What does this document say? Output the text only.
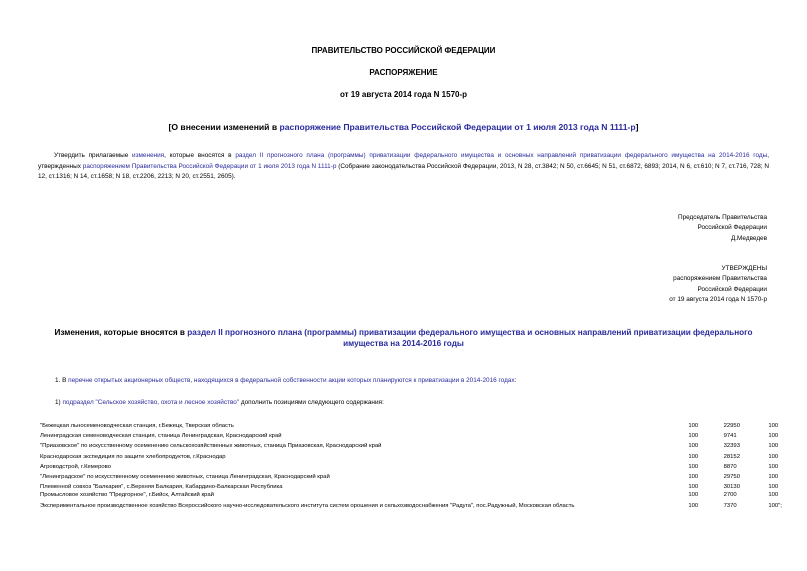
ПРАВИТЕЛЬСТВО РОССИЙСКОЙ ФЕДЕРАЦИИ
РАСПОРЯЖЕНИЕ
от 19 августа 2014 года N 1570-р
[О внесении изменений в распоряжение Правительства Российской Федерации от 1 июля 2013 года N 1111-р]
Утвердить прилагаемые изменения, которые вносятся в раздел II прогнозного плана (программы) приватизации федерального имущества и основных направлений приватизации федерального имущества на 2014-2016 годы, утвержденных распоряжением Правительства Российской Федерации от 1 июля 2013 года N 1111-р (Собрание законодательства Российской Федерации, 2013, N 28, ст.3842; N 50, ст.6645; N 51, ст.6872, 6893; 2014, N 6, ст.610; N 7, ст.716, 728; N 12, ст.1316; N 14, ст.1658; N 18, ст.2206, 2213; N 20, ст.2551, 2605).
Председатель Правительства
Российской Федерации
Д.Медведев
УТВЕРЖДЕНЫ
распоряжением Правительства
Российской Федерации
от 19 августа 2014 года N 1570-р
Изменения, которые вносятся в раздел II прогнозного плана (программы) приватизации федерального имущества и основных направлений приватизации федерального имущества на 2014-2016 годы
1. В перечне открытых акционерных обществ, находящихся в федеральной собственности акции которых планируются к приватизации в 2014-2016 годах:
1) подраздел "Сельское хозяйство, охота и лесное хозяйство" дополнить позициями следующего содержания:
"Бежецкая льносеменоводческая станция, г.Бежецк, Тверская область	100	22950	100
Ленинградская семеноводческая станция, станица Ленинградская, Краснодарский край	100	9741	100
"Приазовское" по искусственному осеменению сельскохозяйственных животных, станица Приазовская, Краснодарский край	100	32393	100
Краснодарская экспедиция по защите хлебопродуктов, г.Краснодар	100	28152	100
Агроводстрой, г.Кемерово	100	8870	100
"Ленинградское" по искусственному осеменению животных, станица Ленинградская, Краснодарский край	100	29750	100
Племенной совхоз "Балкария", с.Верхняя Балкария, Кабардино-Балкарская Республика	100	30130	100
Промысловое хозяйство "Предгорное", г.Бийск, Алтайский край	100	2700	100
Экспериментальное производственное хозяйство Всероссийского научно-исследовательского института систем орошения и сельхозводоснабжения "Радуга", пос.Радужный, Московская область	100	7370	100";
